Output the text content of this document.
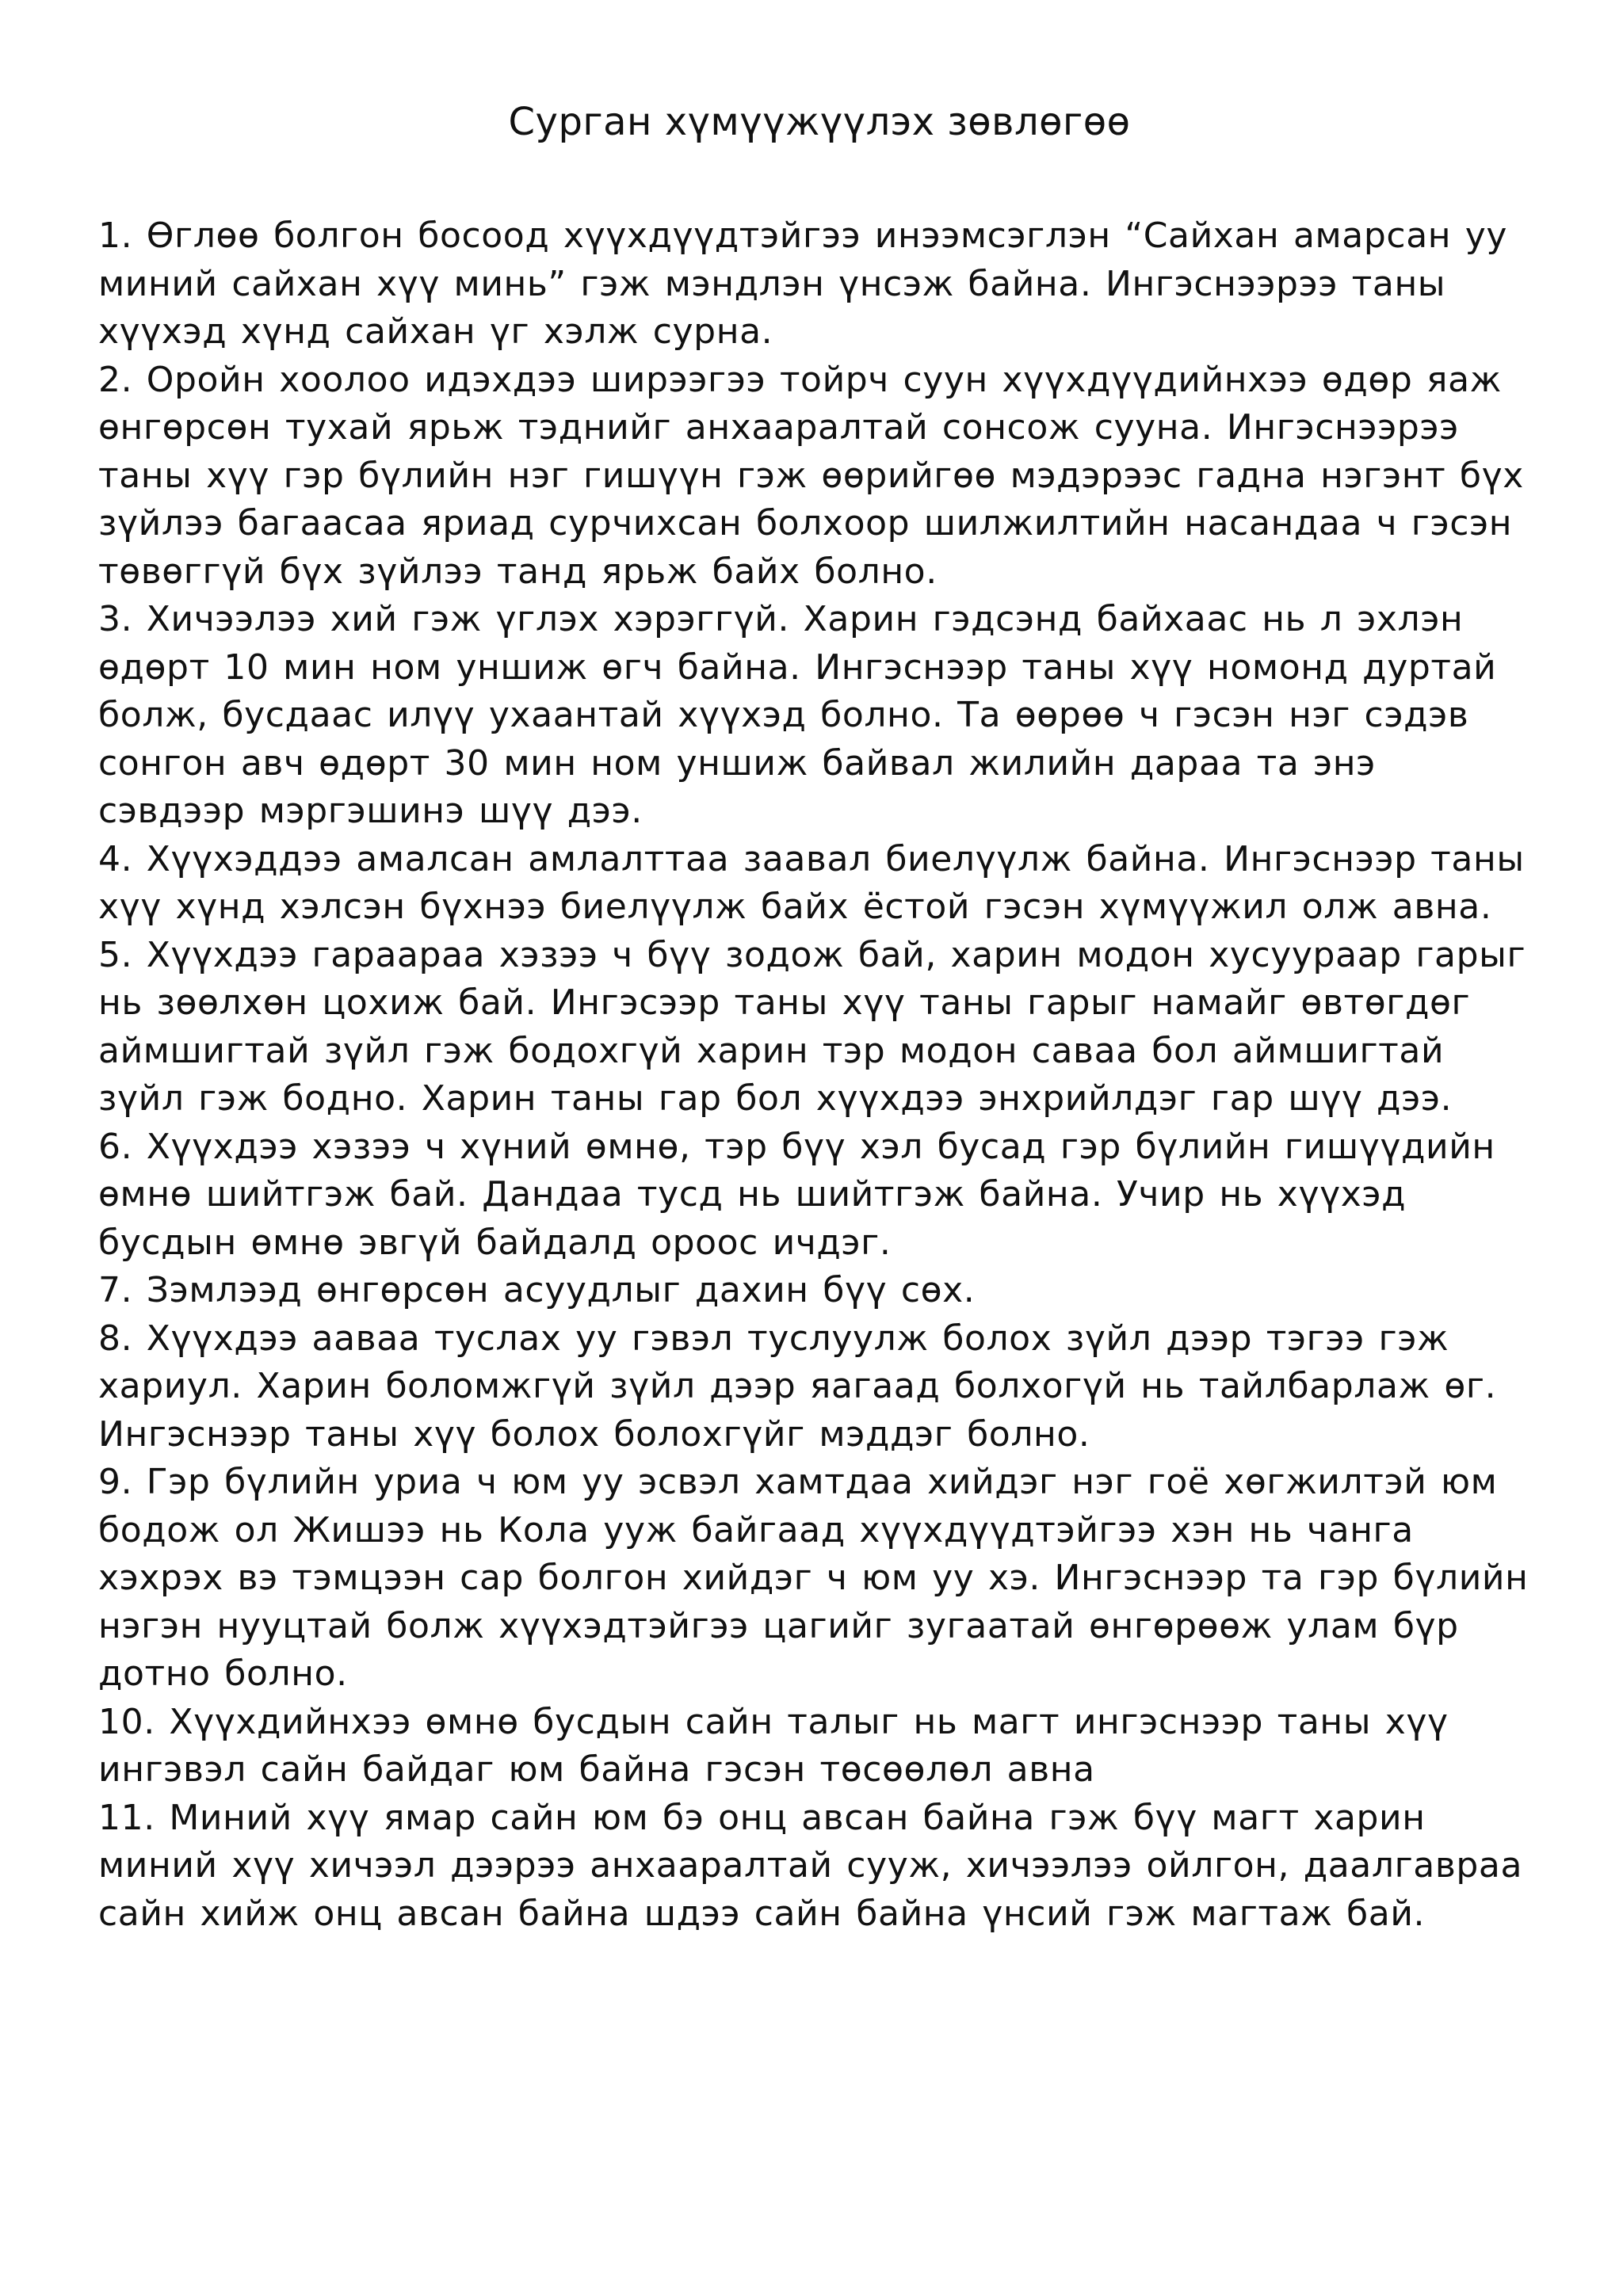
Сурган хүмүүжүүлэх зөвлөгөө
1. Өглөө болгон босоод хүүхдүүдтэйгээ инээмсэглэн “Сайхан амарсан уу миний сайхан хүү минь” гэж мэндлэн үнсэж байна. Ингэснээрээ таны хүүхэд хүнд сайхан үг хэлж сурна.
2. Оройн хоолоо идэхдээ ширээгээ тойрч суун хүүхдүүдийнхээ өдөр яаж өнгөрсөн тухай ярьж тэднийг анхааралтай сонсож сууна. Ингэснээрээ таны хүү гэр бүлийн нэг гишүүн гэж өөрийгөө мэдэрээс гадна нэгэнт бүх зүйлээ багаасаа яриад сурчихсан болхоор шилжилтийн насандаа ч гэсэн төвөггүй бүх зүйлээ танд ярьж байх болно.
3. Хичээлээ хий гэж үглэх хэрэггүй. Харин гэдсэнд байхаас нь л эхлэн өдөрт 10 мин ном уншиж өгч байна. Ингэснээр таны хүү номонд дуртай болж, бусдаас илүү ухаантай хүүхэд болно. Та өөрөө ч гэсэн нэг сэдэв сонгон авч өдөрт 30 мин ном уншиж байвал жилийн дараа та энэ сэвдээр мэргэшинэ шүү дээ.
4. Хүүхэддээ амалсан амлалттаа заавал биелүүлж байна. Ингэснээр таны хүү хүнд хэлсэн бүхнээ биелүүлж байх ёстой гэсэн хүмүүжил олж авна.
5. Хүүхдээ гараараа хэзээ ч бүү зодож бай, харин модон хусуураар гарыг нь зөөлхөн цохиж бай. Ингэсээр таны хүү таны гарыг намайг өвтөгдөг аймшигтай зүйл гэж бодохгүй харин тэр модон саваа бол аймшигтай зүйл гэж бодно. Харин таны гар бол хүүхдээ энхрийлдэг гар шүү дээ.
6. Хүүхдээ хэзээ ч хүний өмнө, тэр бүү хэл бусад гэр бүлийн гишүүдийн өмнө шийтгэж бай. Дандаа тусд нь шийтгэж байна. Учир нь хүүхэд бусдын өмнө эвгүй байдалд ороос ичдэг.
7. Зэмлээд өнгөрсөн асуудлыг дахин бүү сөх.
8. Хүүхдээ аавaa туслах уу гэвэл туслуулж болох зүйл дээр тэгээ гэж хариул. Харин боломжгүй зүйл дээр яагаад болхогүй нь тайлбарлаж өг. Ингэснээр таны хүү болох болохгүйг мэддэг болно.
9. Гэр бүлийн уриа ч юм уу эсвэл хамтдаа хийдэг нэг гоё хөгжилтэй юм бодож ол Жишээ нь Кола ууж байгаад хүүхдүүдтэйгээ хэн нь чанга хэхрэх вэ тэмцээн сар болгон хийдэг ч юм уу хэ. Ингэснээр та гэр бүлийн нэгэн нууцтай болж хүүхэдтэйгээ цагийг зугаатай өнгөрөөж улам бүр дотно болно.
10. Хүүхдийнхээ өмнө бусдын сайн талыг нь магт ингэснээр таны хүү ингэвэл сайн байдаг юм байна гэсэн төсөөлөл авна
11. Миний хүү ямар сайн юм бэ онц авсан байна гэж бүү магт харин миний хүү хичээл дээрээ анхааралтай сууж, хичээлээ ойлгон, даалгавраа сайн хийж онц авсан байна шдээ сайн байна үнсий гэж магтаж бай.
